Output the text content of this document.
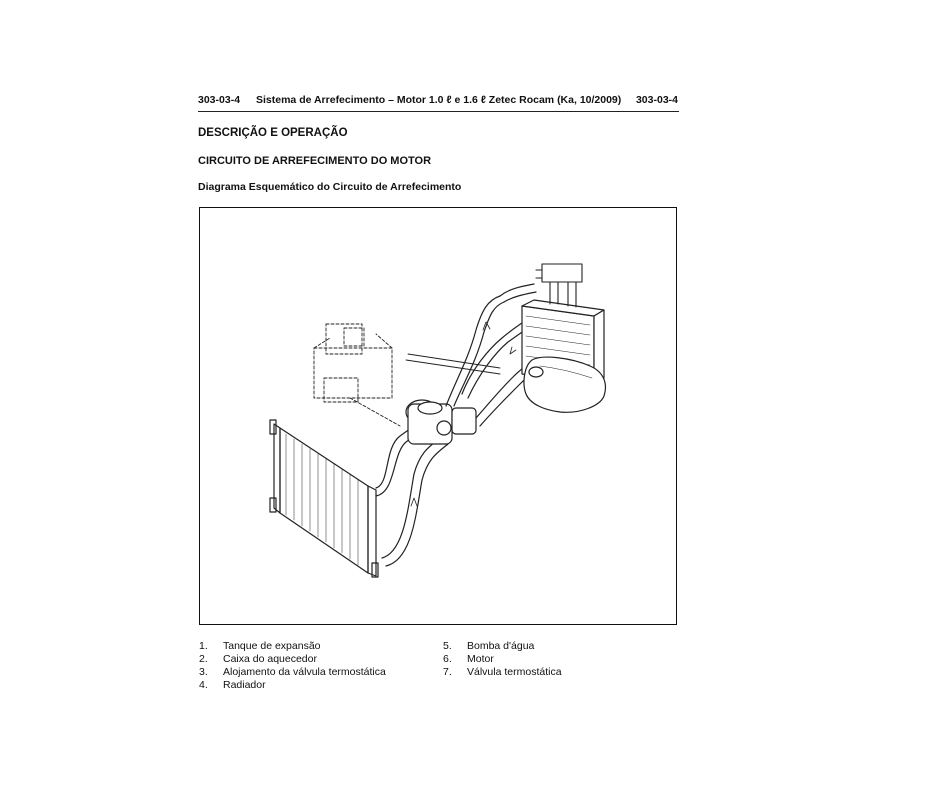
303-03-4 Sistema de Arrefecimento – Motor 1.0 ℓ e 1.6 ℓ Zetec Rocam (Ka, 10/2009) 303-03-4
DESCRIÇÃO E OPERAÇÃO
CIRCUITO DE ARREFECIMENTO DO MOTOR
Diagrama Esquemático do Circuito de Arrefecimento
1. Tanque de expansão
2. Caixa do aquecedor
3. Alojamento da válvula termostática
4. Radiador
5. Bomba d'água
6. Motor
7. Válvula termostática
